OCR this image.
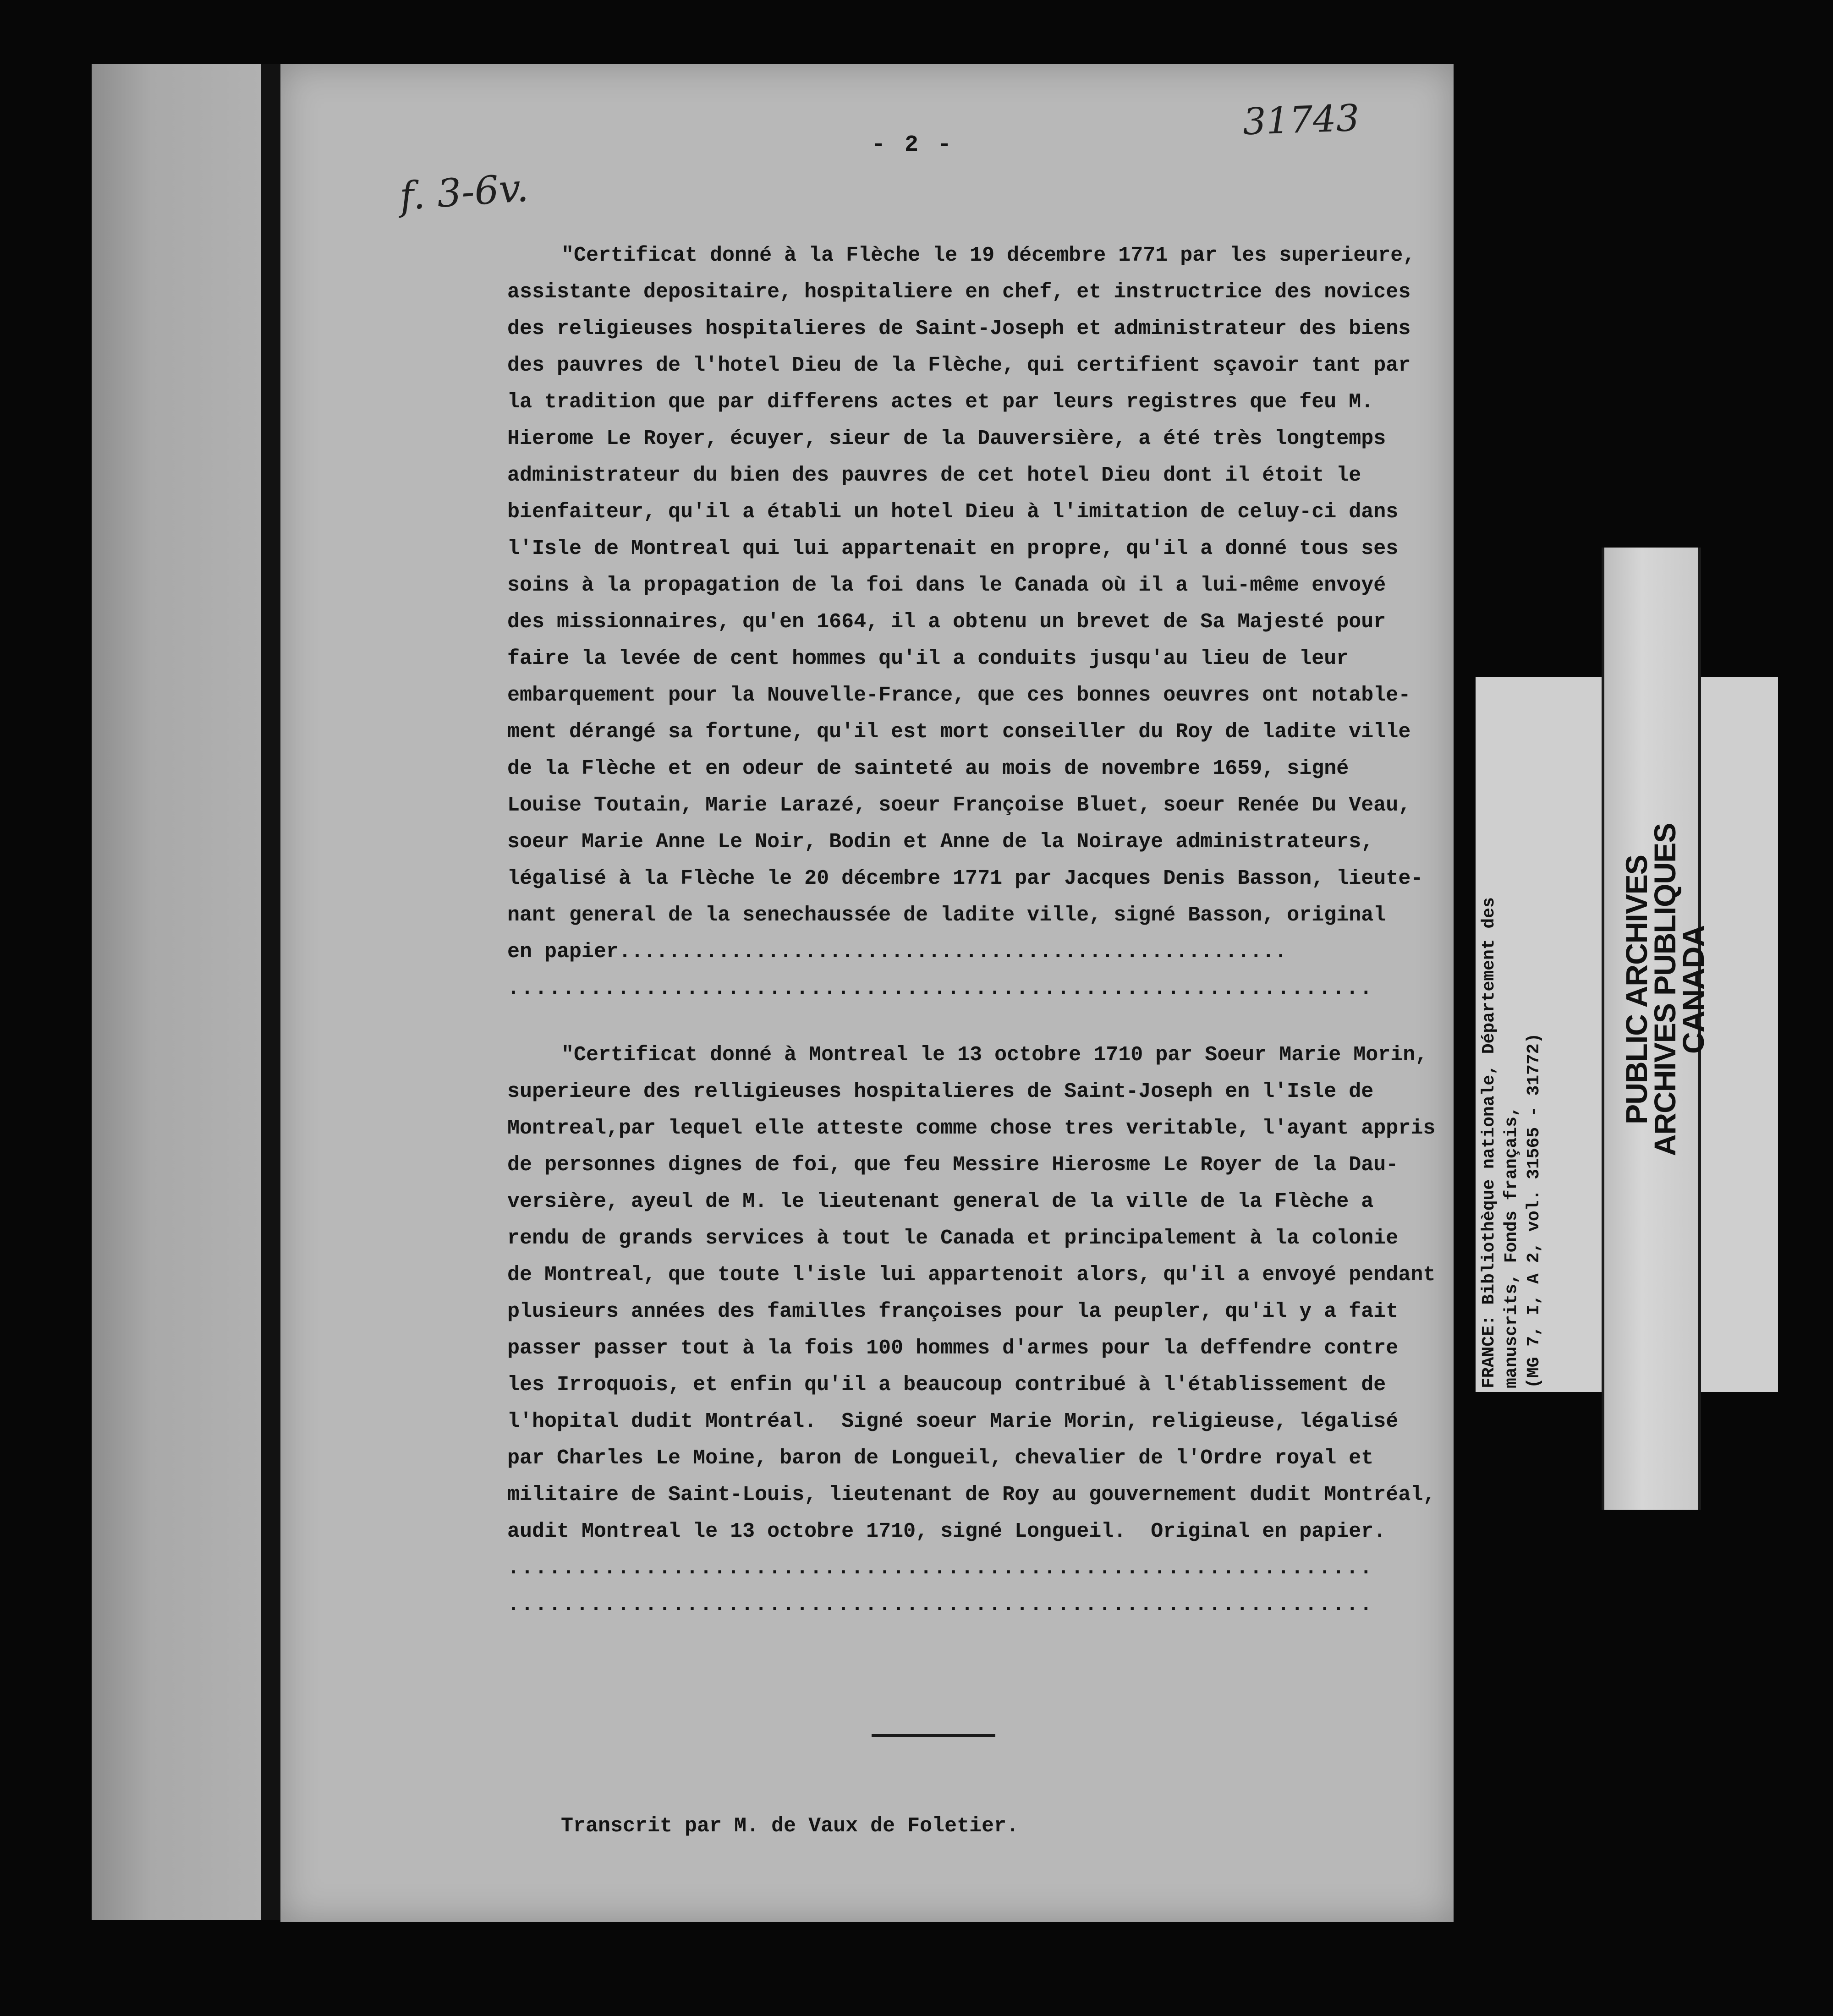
- 2 -

f. 3-6v.

31743

"Certificat donné à la Flèche le 19 décembre 1771 par les superieure,
assistante depositaire, hospitaliere en chef, et instructrice des novices
des religieuses hospitalieres de Saint-Joseph et administrateur des biens
des pauvres de l'hotel Dieu de la Flèche, qui certifient sçavoir tant par
la tradition que par differens actes et par leurs registres que feu M.
Hierome Le Royer, écuyer, sieur de la Dauversière, a été très longtemps
administrateur du bien des pauvres de cet hotel Dieu dont il étoit le
bienfaiteur, qu'il a établi un hotel Dieu à l'imitation de celuy-ci dans
l'Isle de Montreal qui lui appartenait en propre, qu'il a donné tous ses
soins à la propagation de la foi dans le Canada où il a lui-même envoyé
des missionnaires, qu'en 1664, il a obtenu un brevet de Sa Majesté pour
faire la levée de cent hommes qu'il a conduits jusqu'au lieu de leur
embarquement pour la Nouvelle-France, que ces bonnes oeuvres ont notable-
ment dérangé sa fortune, qu'il est mort conseiller du Roy de ladite ville
de la Flèche et en odeur de sainteté au mois de novembre 1659, signé
Louise Toutain, Marie Larazé, soeur Françoise Bluet, soeur Renée Du Veau,
soeur Marie Anne Le Noir, Bodin et Anne de la Noiraye administrateurs,
légalisé à la Flèche le 20 décembre 1771 par Jacques Denis Basson, lieute-
nant general de la senechaussée de ladite ville, signé Basson, original
en papier......................................................
...............................................................
"Certificat donné à Montreal le 13 octobre 1710 par Soeur Marie Morin,
superieure des relligieuses hospitalieres de Saint-Joseph en l'Isle de
Montreal,par lequel elle atteste comme chose tres veritable, l'ayant appris
de personnes dignes de foi, que feu Messire Hierosme Le Royer de la Dau-
versière, ayeul de M. le lieutenant general de la ville de la Flèche a
rendu de grands services à tout le Canada et principalement à la colonie
de Montreal, que toute l'isle lui appartenoit alors, qu'il a envoyé pendant
plusieurs années des familles françoises pour la peupler, qu'il y a fait
passer passer tout à la fois 100 hommes d'armes pour la deffendre contre
les Irroquois, et enfin qu'il a beaucoup contribué à l'établissement de
l'hopital dudit Montréal.  Signé soeur Marie Morin, religieuse, légalisé
par Charles Le Moine, baron de Longueil, chevalier de l'Ordre royal et
militaire de Saint-Louis, lieutenant de Roy au gouvernement dudit Montréal,
audit Montreal le 13 octobre 1710, signé Longueil.  Original en papier.
...............................................................
...............................................................

Transcrit par M. de Vaux de Foletier.

FRANCE: Bibliothèque nationale, Département des manuscrits, Fonds français, (MG 7, I, A 2, vol. 31565 - 31772)
PUBLIC ARCHIVES
ARCHIVES PUBLIQUES
CANADA
